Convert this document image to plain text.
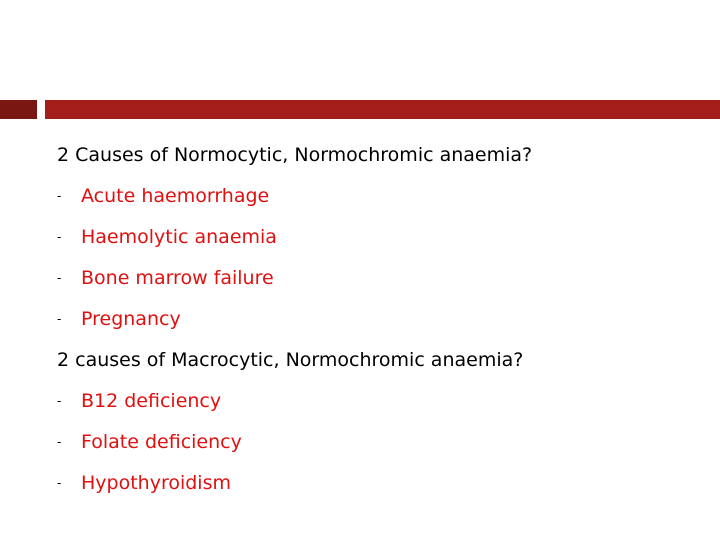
2 Causes of Normocytic, Normochromic anaemia?
-	Acute haemorrhage
-	Haemolytic anaemia
-	Bone marrow failure
-	Pregnancy
2 causes of Macrocytic, Normochromic anaemia?
-	B12 deficiency
-	Folate deficiency
-	Hypothyroidism
